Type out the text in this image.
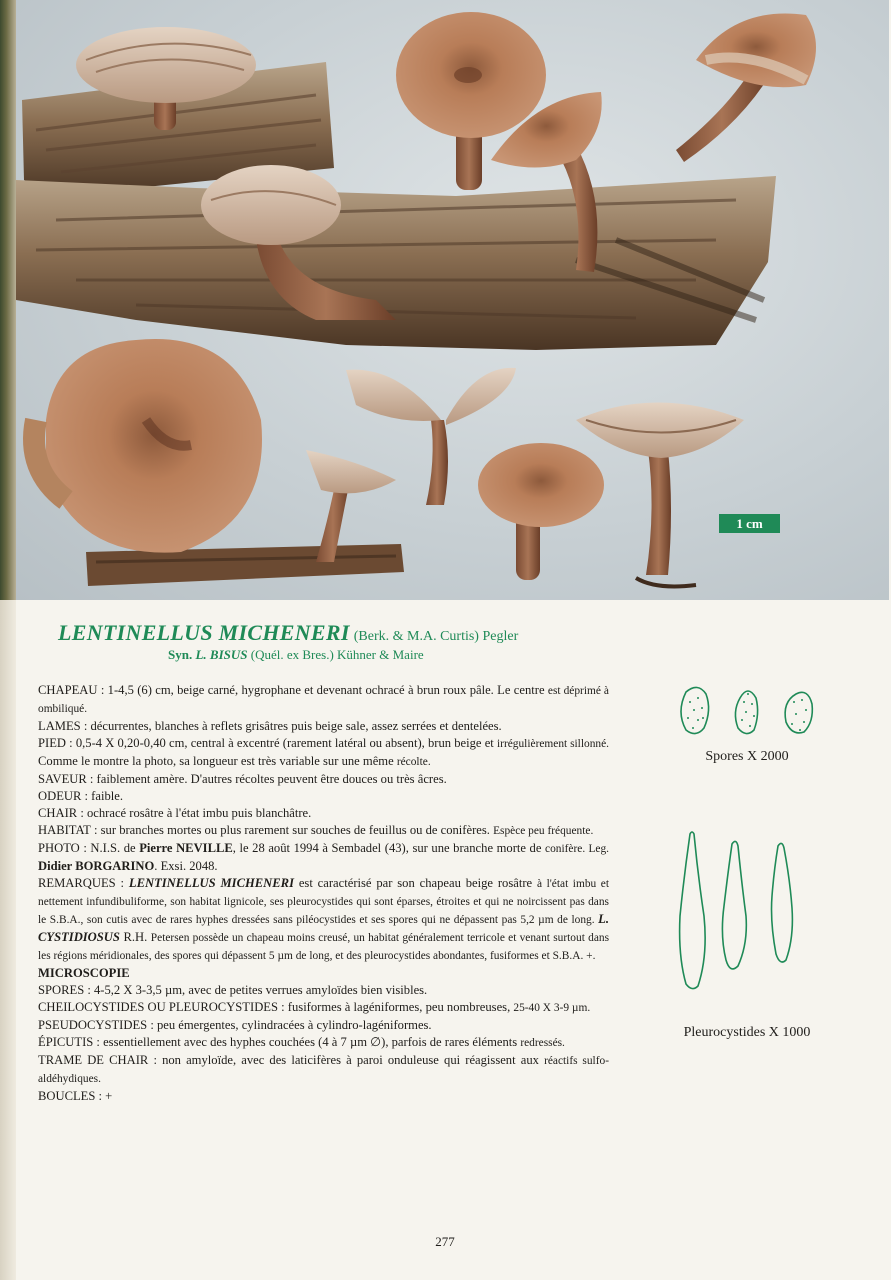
1 cm
LENTINELLUS MICHENERI (Berk. & M.A. Curtis) Pegler
Syn. L. BISUS (Quél. ex Bres.) Kühner & Maire

CHAPEAU : 1-4,5 (6) cm, beige carné, hygrophane et devenant ochracé à brun roux pâle. Le centre est déprimé à ombiliqué.

LAMES : décurrentes, blanches à reflets grisâtres puis beige sale, assez serrées et dentelées.

PIED : 0,5-4 X 0,20-0,40 cm, central à excentré (rarement latéral ou absent), brun beige et irrégulièrement sillonné. Comme le montre la photo, sa longueur est très variable sur une même récolte.

SAVEUR : faiblement amère. D'autres récoltes peuvent être douces ou très âcres.

ODEUR : faible.

CHAIR : ochracé rosâtre à l'état imbu puis blanchâtre.

HABITAT : sur branches mortes ou plus rarement sur souches de feuillus ou de conifères. Espèce peu fréquente.

PHOTO : N.I.S. de Pierre NEVILLE, le 28 août 1994 à Sembadel (43), sur une branche morte de conifère. Leg. Didier BORGARINO. Exsi. 2048.

REMARQUES : LENTINELLUS MICHENERI est caractérisé par son chapeau beige rosâtre à l'état imbu et nettement infundibuliforme, son habitat lignicole, ses pleurocystides qui sont éparses, étroites et qui ne noircissent pas dans le S.B.A., son cutis avec de rares hyphes dressées sans piléocystides et ses spores qui ne dépassent pas 5,2 µm de long. L. CYSTIDIOSUS R.H. Petersen possède un chapeau moins creusé, un habitat généralement terricole et venant surtout dans les régions méridionales, des spores qui dépassent 5 µm de long, et des pleurocystides abondantes, fusiformes et S.B.A. +.

MICROSCOPIE

SPORES : 4-5,2 X 3-3,5 µm, avec de petites verrues amyloïdes bien visibles.

CHEILOCYSTIDES OU PLEUROCYSTIDES : fusiformes à lagéniformes, peu nombreuses, 25-40 X 3-9 µm.

PSEUDOCYSTIDES : peu émergentes, cylindracées à cylindro-lagéniformes.

ÉPICUTIS : essentiellement avec des hyphes couchées (4 à 7 µm ∅), parfois de rares éléments redressés.

TRAME DE CHAIR : non amyloïde, avec des laticifères à paroi onduleuse qui réagissent aux réactifs sulfo-aldéhydiques.

BOUCLES : +

Spores X 2000
Pleurocystides X 1000
277
